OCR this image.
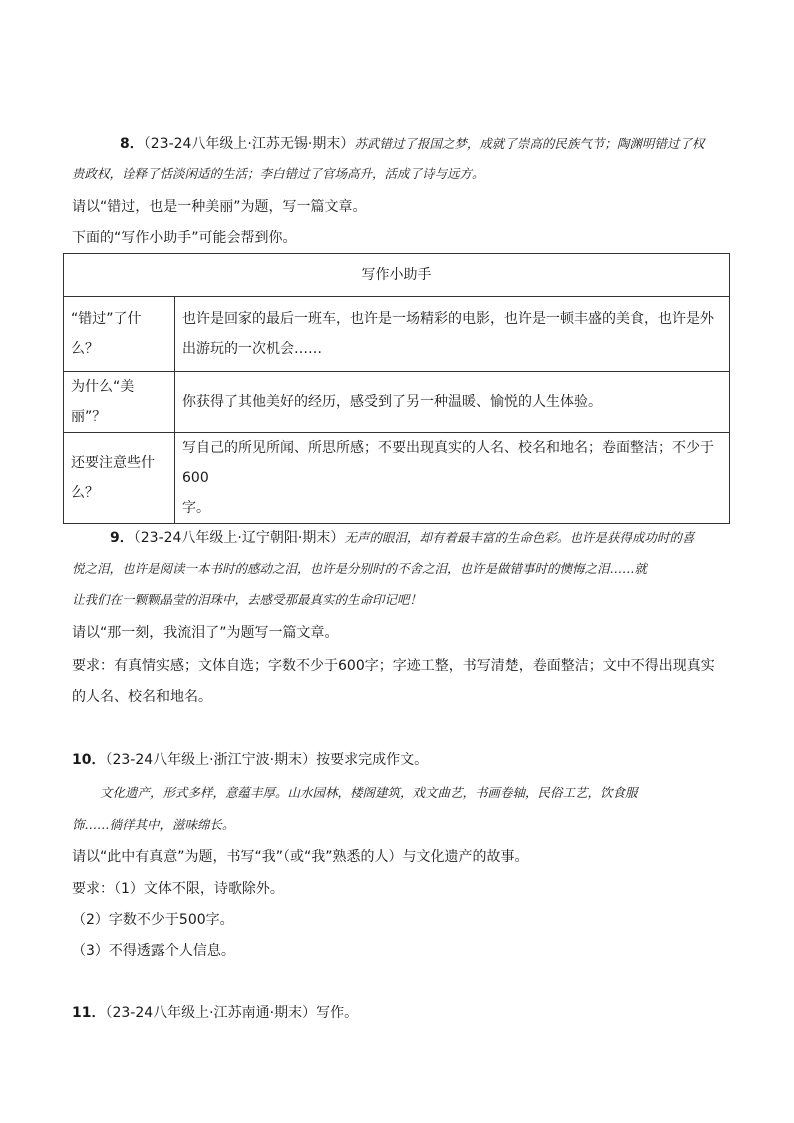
8．（23-24八年级上·江苏无锡·期末）苏武错过了报国之梦，成就了崇高的民族气节；陶渊明错过了权
贵政权，诠释了恬淡闲适的生活；李白错过了官场高升，活成了诗与远方。
请以“错过，也是一种美丽”为题，写一篇文章。
下面的“写作小助手”可能会帮到你。
写作小助手	

“错过”了什么？	也许是回家的最后一班车，也许是一场精彩的电影，也许是一顿丰盛的美食，也许是外
出游玩的一次机会……

为什么“美丽”？	你获得了其他美好的经历，感受到了另一种温暖、愉悦的人生体验。

还要注意些什
么？	写自己的所见所闻、所思所感；不要出现真实的人名、校名和地名；卷面整洁；不少于 600
字。
9．（23-24八年级上·辽宁朝阳·期末）无声的眼泪，却有着最丰富的生命色彩。也许是获得成功时的喜
悦之泪，也许是阅读一本书时的感动之泪，也许是分别时的不舍之泪，也许是做错事时的懊悔之泪……就
让我们在一颗颗晶莹的泪珠中，去感受那最真实的生命印记吧！
请以“那一刻，我流泪了”为题写一篇文章。
要求：有真情实感；文体自选；字数不少于600字；字迹工整，书写清楚，卷面整洁；文中不得出现真实
的人名、校名和地名。
10．（23-24八年级上·浙江宁波·期末）按要求完成作文。
文化遗产，形式多样，意蕴丰厚。山水园林，楼阁建筑，戏文曲艺，书画卷轴，民俗工艺，饮食服
饰……徜徉其中，滋味绵长。
请以“此中有真意”为题，书写“我”（或“我”熟悉的人）与文化遗产的故事。
要求：（1）文体不限，诗歌除外。
（2）字数不少于500字。
（3）不得透露个人信息。
11．（23-24八年级上·江苏南通·期末）写作。
